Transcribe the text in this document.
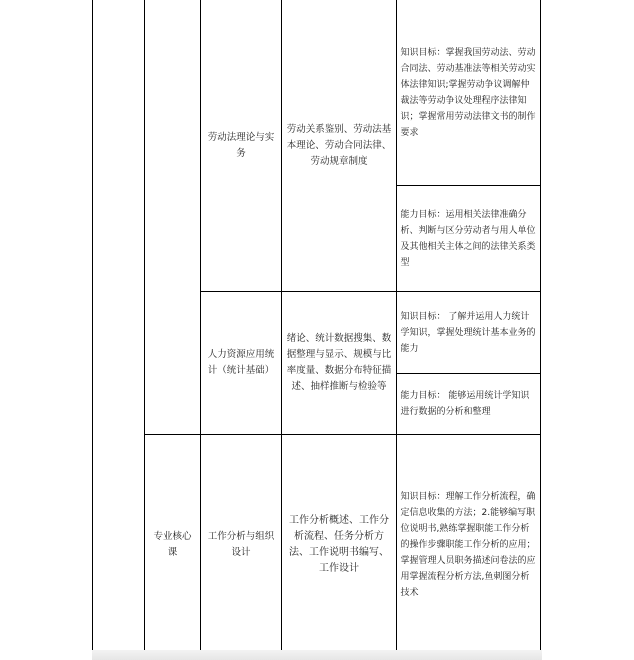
劳动法理论与实务
劳动关系鉴别、劳动法基本理论、劳动合同法律、劳动规章制度
知识目标：掌握我国劳动法、劳动合同法、劳动基准法等相关劳动实体法律知识;掌握劳动争议调解仲裁法等劳动争议处理程序法律知识；掌握常用劳动法律文书的制作要求
能力目标：运用相关法律准确分析、判断与区分劳动者与用人单位及其他相关主体之间的法律关系类型
人力资源应用统计（统计基础）
绪论、统计数据搜集、数据整理与显示、规模与比率度量、数据分布特征描述、抽样推断与检验等
知识目标： 了解并运用人力统计学知识，掌握处理统计基本业务的能力
能力目标： 能够运用统计学知识进行数据的分析和整理
专业核心课
工作分析与组织设计
工作分析概述、工作分析流程、任务分析方法、工作说明书编写、工作设计
知识目标：理解工作分析流程，确定信息收集的方法；2.能够编写职位说明书,熟练掌握职能工作分析的操作步骤职能工作分析的应用；掌握管理人员职务描述问卷法的应用掌握流程分析方法,鱼刺图分析技术
